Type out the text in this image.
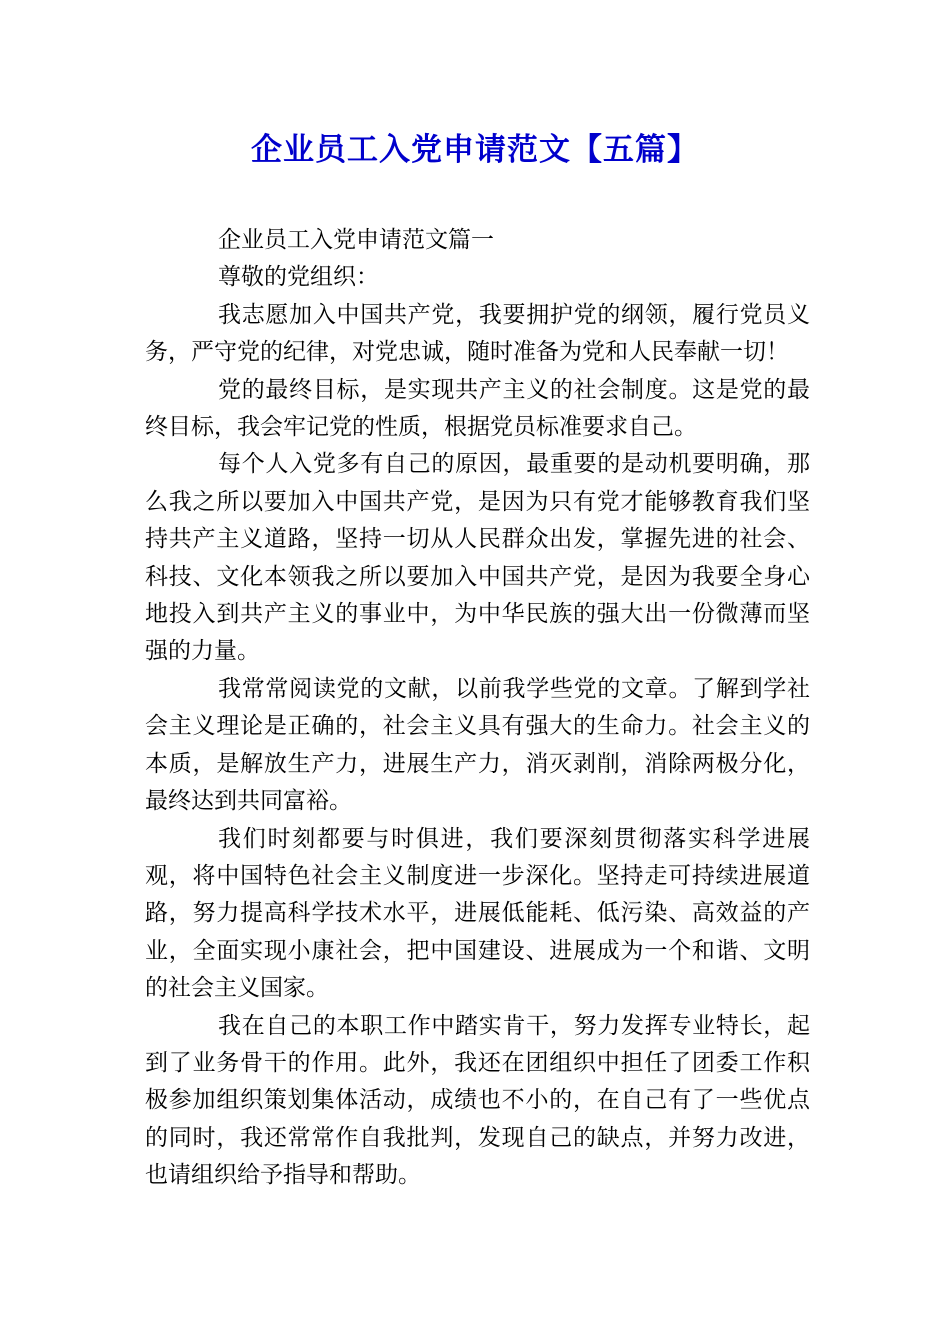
企业员工入党申请范文【五篇】

企业员工入党申请范文篇一

尊敬的党组织：

我志愿加入中国共产党，我要拥护党的纲领，履行党员义务，严守党的纪律，对党忠诚，随时准备为党和人民奉献一切！

党的最终目标，是实现共产主义的社会制度。这是党的最终目标，我会牢记党的性质，根据党员标准要求自己。

每个人入党多有自己的原因，最重要的是动机要明确，那么我之所以要加入中国共产党，是因为只有党才能够教育我们坚持共产主义道路，坚持一切从人民群众出发，掌握先进的社会、科技、文化本领我之所以要加入中国共产党，是因为我要全身心地投入到共产主义的事业中，为中华民族的强大出一份微薄而坚强的力量。

我常常阅读党的文献，以前我学些党的文章。了解到学社会主义理论是正确的，社会主义具有强大的生命力。社会主义的本质，是解放生产力，进展生产力，消灭剥削，消除两极分化，最终达到共同富裕。

我们时刻都要与时俱进，我们要深刻贯彻落实科学进展观，将中国特色社会主义制度进一步深化。坚持走可持续进展道路，努力提高科学技术水平，进展低能耗、低污染、高效益的产业，全面实现小康社会，把中国建设、进展成为一个和谐、文明的社会主义国家。

我在自己的本职工作中踏实肯干，努力发挥专业特长，起到了业务骨干的作用。此外，我还在团组织中担任了团委工作积极参加组织策划集体活动，成绩也不小的，在自己有了一些优点的同时，我还常常作自我批判，发现自己的缺点，并努力改进，也请组织给予指导和帮助。
